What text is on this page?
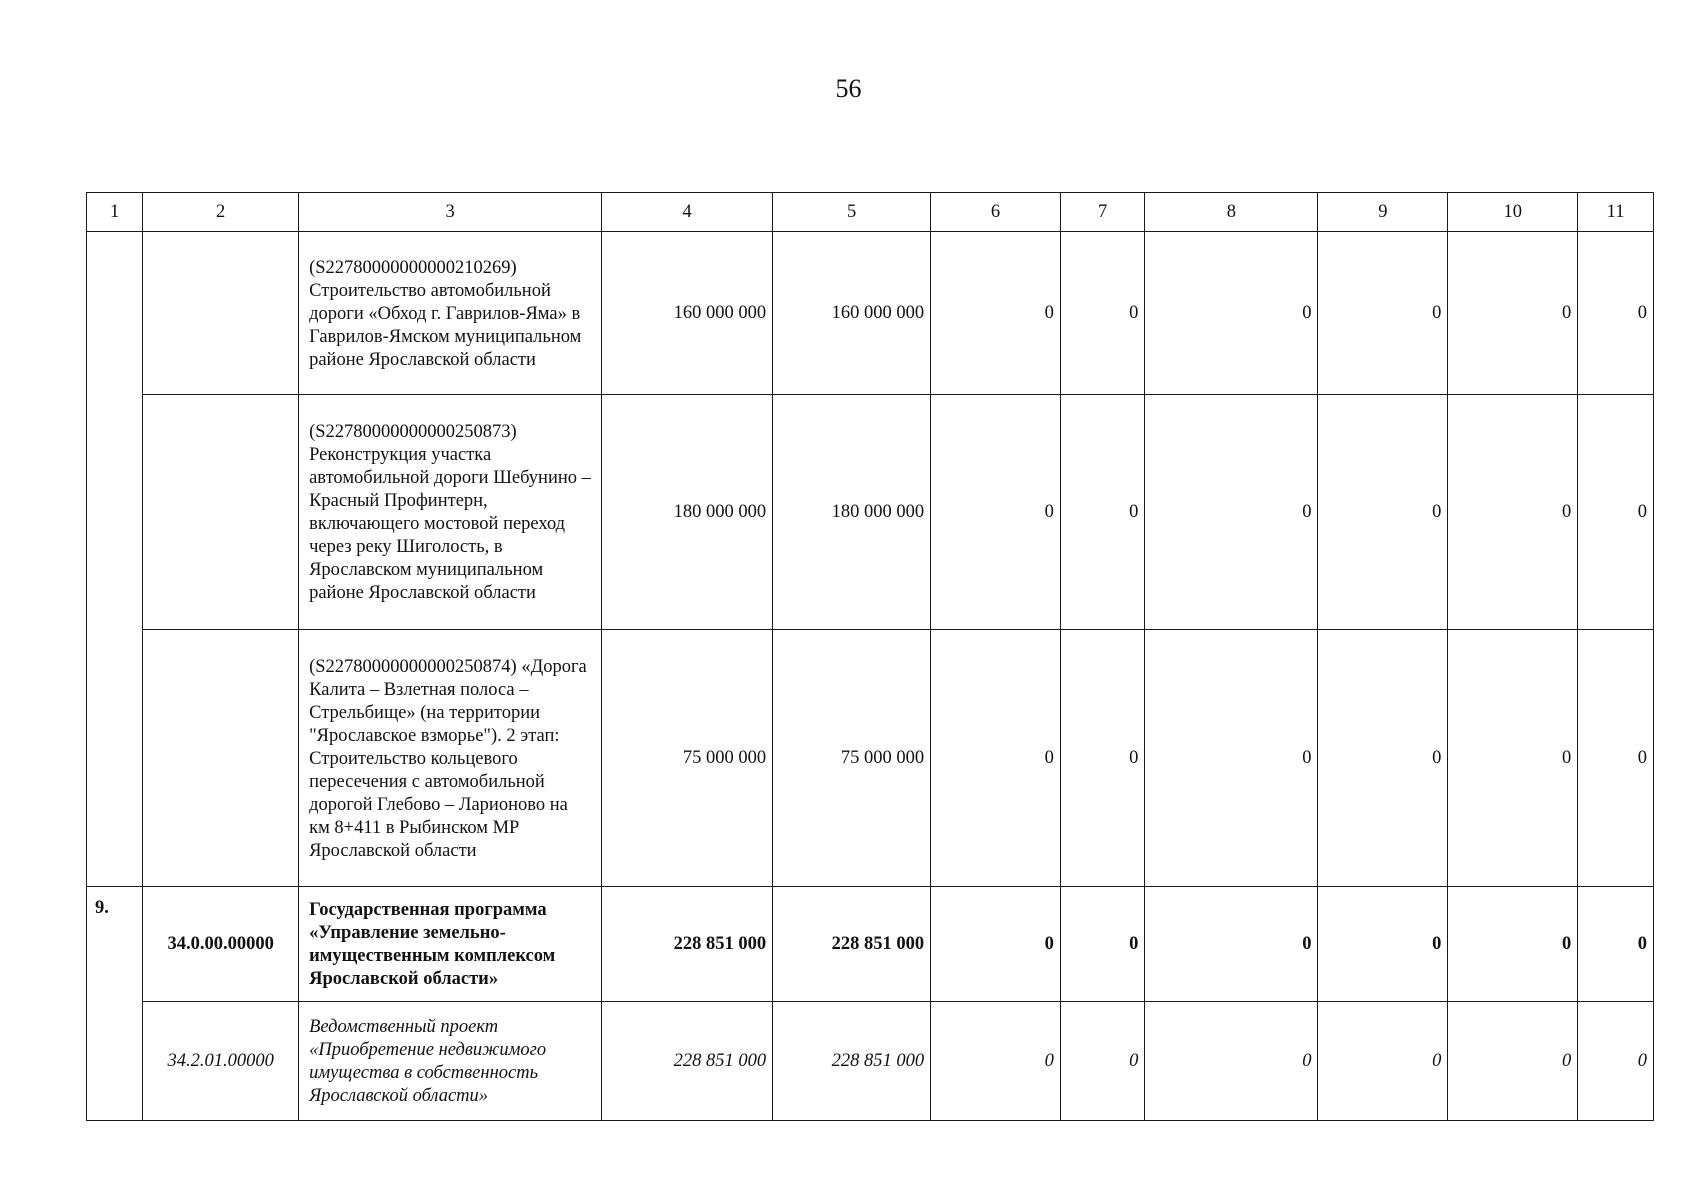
56
1	2	3	4	5	6	7	8	9	10	11
		(S22780000000000210269) Строительство автомобильной дороги «Обход г. Гаврилов-Яма» в Гаврилов-Ямском муниципальном районе Ярославской области	160 000 000	160 000 000	0	0	0	0	0	0
		(S22780000000000250873) Реконструкция участка автомобильной дороги Шебунино – Красный Профинтерн, включающего мостовой переход через реку Шиголость, в Ярославском муниципальном районе Ярославской области	180 000 000	180 000 000	0	0	0	0	0	0
		(S22780000000000250874) «Дорога Калита – Взлетная полоса – Стрельбище» (на территории "Ярославское взморье"). 2 этап: Строительство кольцевого пересечения с автомобильной дорогой Глебово – Ларионово на км 8+411 в Рыбинском МР Ярославской области	75 000 000	75 000 000	0	0	0	0	0	0
9.	34.0.00.00000	Государственная программа «Управление земельно-имущественным комплексом Ярославской области»	228 851 000	228 851 000	0	0	0	0	0	0
	34.2.01.00000	Ведомственный проект «Приобретение недвижимого имущества в собственность Ярославской области»	228 851 000	228 851 000	0	0	0	0	0	0
